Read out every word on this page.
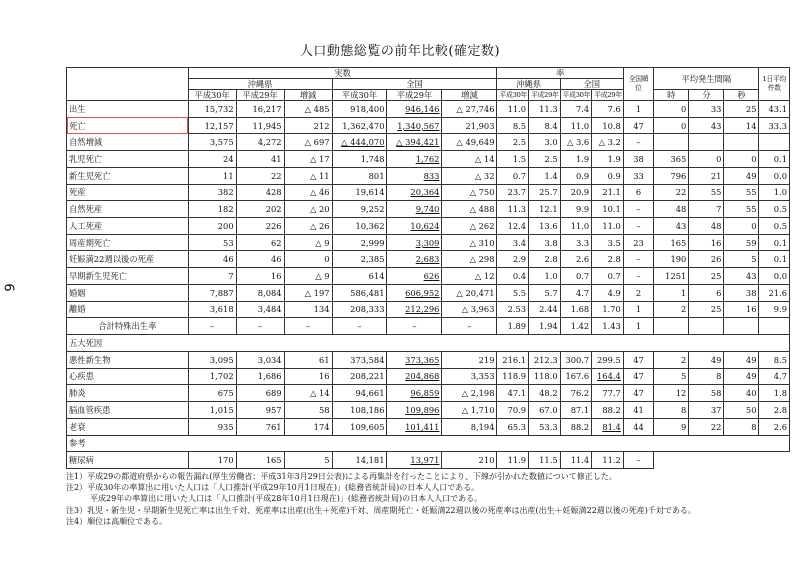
6
人口動態総覧の前年比較(確定数)
	実数						率				全国順位	平均発生間隔			1日平均件数
	沖縄県			全国			沖縄県		全国						
	平成30年	平成29年	増減	平成30年	平成29年	増減	平成30年	平成29年	平成30年	平成29年		時	分	秒	
出生	15,732	16,217	△ 485	918,400	946,146	△ 27,746	11.0	11.3	7.4	7.6	1	0	33	25	43.1
死亡	12,157	11,945	212	1,362,470	1,340,567	21,903	8.5	8.4	11.0	10.8	47	0	43	14	33.3
自然増減	3,575	4,272	△ 697	△ 444,070	△ 394,421	△ 49,649	2.5	3.0	△ 3.6	△ 3.2	–				
乳児死亡	24	41	△ 17	1,748	1,762	△ 14	1.5	2.5	1.9	1.9	38	365	0	0	0.1
新生児死亡	11	22	△ 11	801	833	△ 32	0.7	1.4	0.9	0.9	33	796	21	49	0.0
死産	382	428	△ 46	19,614	20,364	△ 750	23.7	25.7	20.9	21.1	6	22	55	55	1.0
自然死産	182	202	△ 20	9,252	9,740	△ 488	11.3	12.1	9.9	10.1	–	48	7	55	0.5
人工死産	200	226	△ 26	10,362	10,624	△ 262	12.4	13.6	11.0	11.0	–	43	48	0	0.5
周産期死亡	53	62	△ 9	2,999	3,309	△ 310	3.4	3.8	3.3	3.5	23	165	16	59	0.1
妊娠満22週以後の死産	46	46	0	2,385	2,683	△ 298	2.9	2.8	2.6	2.8	–	190	26	5	0.1
早期新生児死亡	7	16	△ 9	614	626	△ 12	0.4	1.0	0.7	0.7	–	1251	25	43	0.0
婚姻	7,887	8,084	△ 197	586,481	606,952	△ 20,471	5.5	5.7	4.7	4.9	2	1	6	38	21.6
離婚	3,618	3,484	134	208,333	212,296	△ 3,963	2.53	2.44	1.68	1.70	1	2	25	16	9.9
合計特殊出生率	–	–	–	–	–	–	1.89	1.94	1.42	1.43	1				
五大死因															
悪性新生物	3,095	3,034	61	373,584	373,365	219	216.1	212.3	300.7	299.5	47	2	49	49	8.5
心疾患	1,702	1,686	16	208,221	204,868	3,353	118.9	118.0	167.6	164.4	47	5	8	49	4.7
肺炎	675	689	△ 14	94,661	96,859	△ 2,198	47.1	48.2	76.2	77.7	47	12	58	40	1.8
脳血管疾患	1,015	957	58	108,186	109,896	△ 1,710	70.9	67.0	87.1	88.2	41	8	37	50	2.8
老衰	935	761	174	109,605	101,411	8,194	65.3	53.3	88.2	81.4	44	9	22	8	2.6
参考															
糖尿病	170	165	5	14,181	13,971	210	11.9	11.5	11.4	11.2	–				
注1）平成29の都道府県からの報告漏れ(厚生労働省：平成31年3月29日公表)による再集計を行ったことにより、下線が引かれた数値について修正した。
注2）平成30年の率算出に用いた人口は「人口推計(平成29年10月1日現在)」(総務省統計局)の日本人人口である。
平成29年の率算出に用いた人口は「人口推計(平成28年10月1日現在)」(総務省統計局)の日本人人口である。
注3）乳児・新生児・早期新生児死亡率は出生千対、死産率は出産(出生＋死産)千対、周産期死亡・妊娠満22週以後の死産率は出産(出生＋妊娠満22週以後の死産)千対である。
注4）順位は高順位である。
